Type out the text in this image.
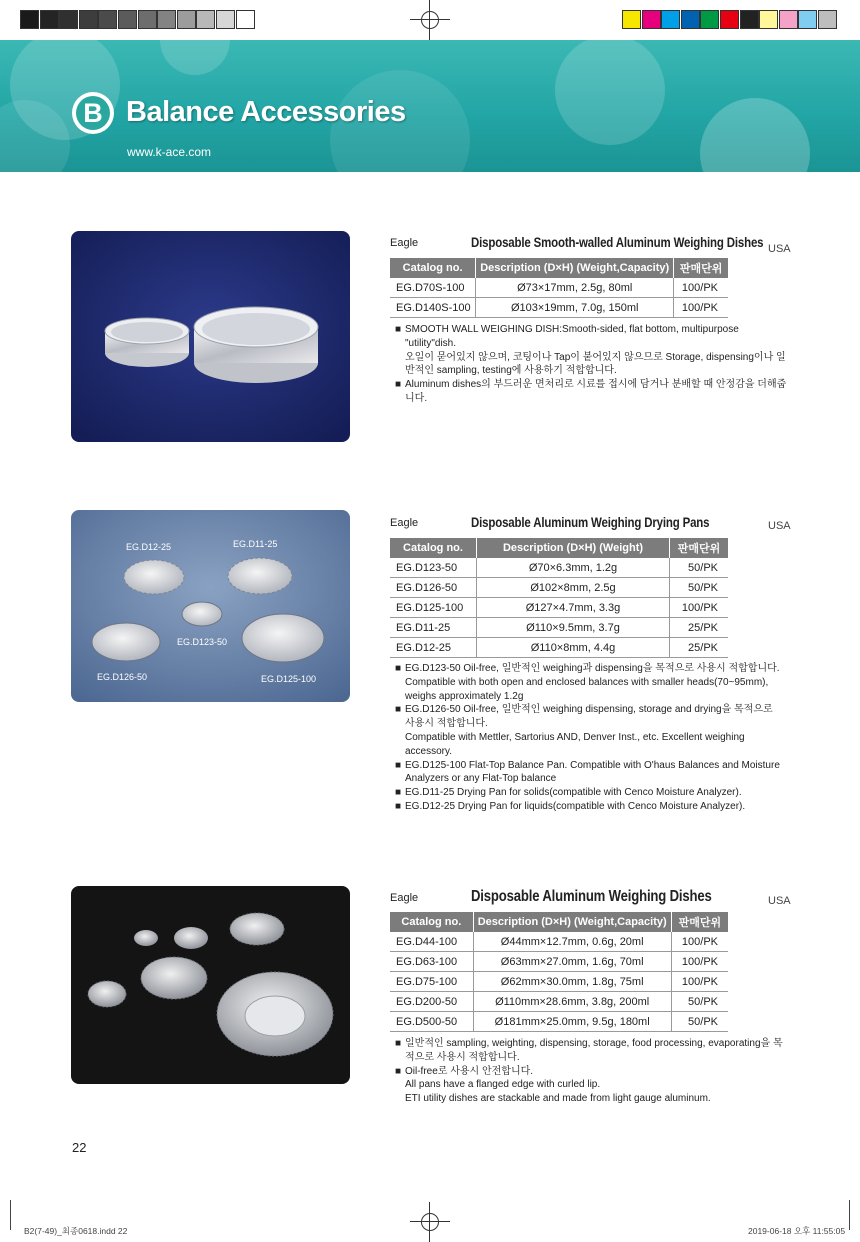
B Balance Accessories
www.k-ace.com
Eagle	Disposable Smooth-walled Aluminum Weighing Dishes USA
Catalog no.	Description (D×H) (Weight,Capacity)	판매단위
EG.D70S-100	Ø73×17mm, 2.5g, 80ml	100/PK
EG.D140S-100	Ø103×19mm, 7.0g, 150ml	100/PK
■ SMOOTH WALL WEIGHING DISH:Smooth-sided, flat bottom, multipurpose "utility"dish.
오일이 묻어있지 않으며, 코팅이나 Tap이 붙어있지 않으므로 Storage, dispensing이나 일
반적인 sampling, testing에 사용하기 적합합니다.
■ Aluminum dishes의 부드러운 면처리로 시료를 접시에 담거나 분배할 때 안정감을 더해줍
니다.
EG.D12-25	EG.D11-25
EG.D123-50
EG.D126-50	EG.D125-100
Eagle	Disposable Aluminum Weighing Drying Pans	USA
Catalog no.	Description (D×H) (Weight)	판매단위
EG.D123-50	Ø70×6.3mm, 1.2g	50/PK
EG.D126-50	Ø102×8mm, 2.5g	50/PK
EG.D125-100	Ø127×4.7mm, 3.3g	100/PK
EG.D11-25	Ø110×9.5mm, 3.7g	25/PK
EG.D12-25	Ø110×8mm, 4.4g	25/PK
■ EG.D123-50 Oil-free, 일반적인 weighing과 dispensing을 목적으로 사용시 적합합니다.
Compatible with both open and enclosed balances with smaller heads(70~95mm),
weighs approximately 1.2g
■ EG.D126-50 Oil-free, 일반적인 weighing dispensing, storage and drying을 목적으로
사용시 적합합니다.
Compatible with Mettler, Sartorius AND, Denver Inst., etc. Excellent weighing
accessory.
■ EG.D125-100 Flat-Top Balance Pan. Compatible with O'haus Balances and Moisture
Analyzers or any Flat-Top balance
■ EG.D11-25 Drying Pan for solids(compatible with Cenco Moisture Analyzer).
■ EG.D12-25 Drying Pan for liquids(compatible with Cenco Moisture Analyzer).
Eagle	Disposable Aluminum Weighing Dishes	USA
Catalog no.	Description (D×H) (Weight,Capacity)	판매단위
EG.D44-100	Ø44mm×12.7mm, 0.6g, 20ml	100/PK
EG.D63-100	Ø63mm×27.0mm, 1.6g, 70ml	100/PK
EG.D75-100	Ø62mm×30.0mm, 1.8g, 75ml	100/PK
EG.D200-50	Ø110mm×28.6mm, 3.8g, 200ml	50/PK
EG.D500-50	Ø181mm×25.0mm, 9.5g, 180ml	50/PK
■ 일반적인 sampling, weighting, dispensing, storage, food processing, evaporating을 목
적으로 사용시 적합합니다.
■ Oil-free로 사용시 안전합니다.
All pans have a flanged edge with curled lip.
ETI utility dishes are stackable and made from light gauge aluminum.
22
B2(7-49)_최종0618.indd 22	2019-06-18 오후 11:55:05
